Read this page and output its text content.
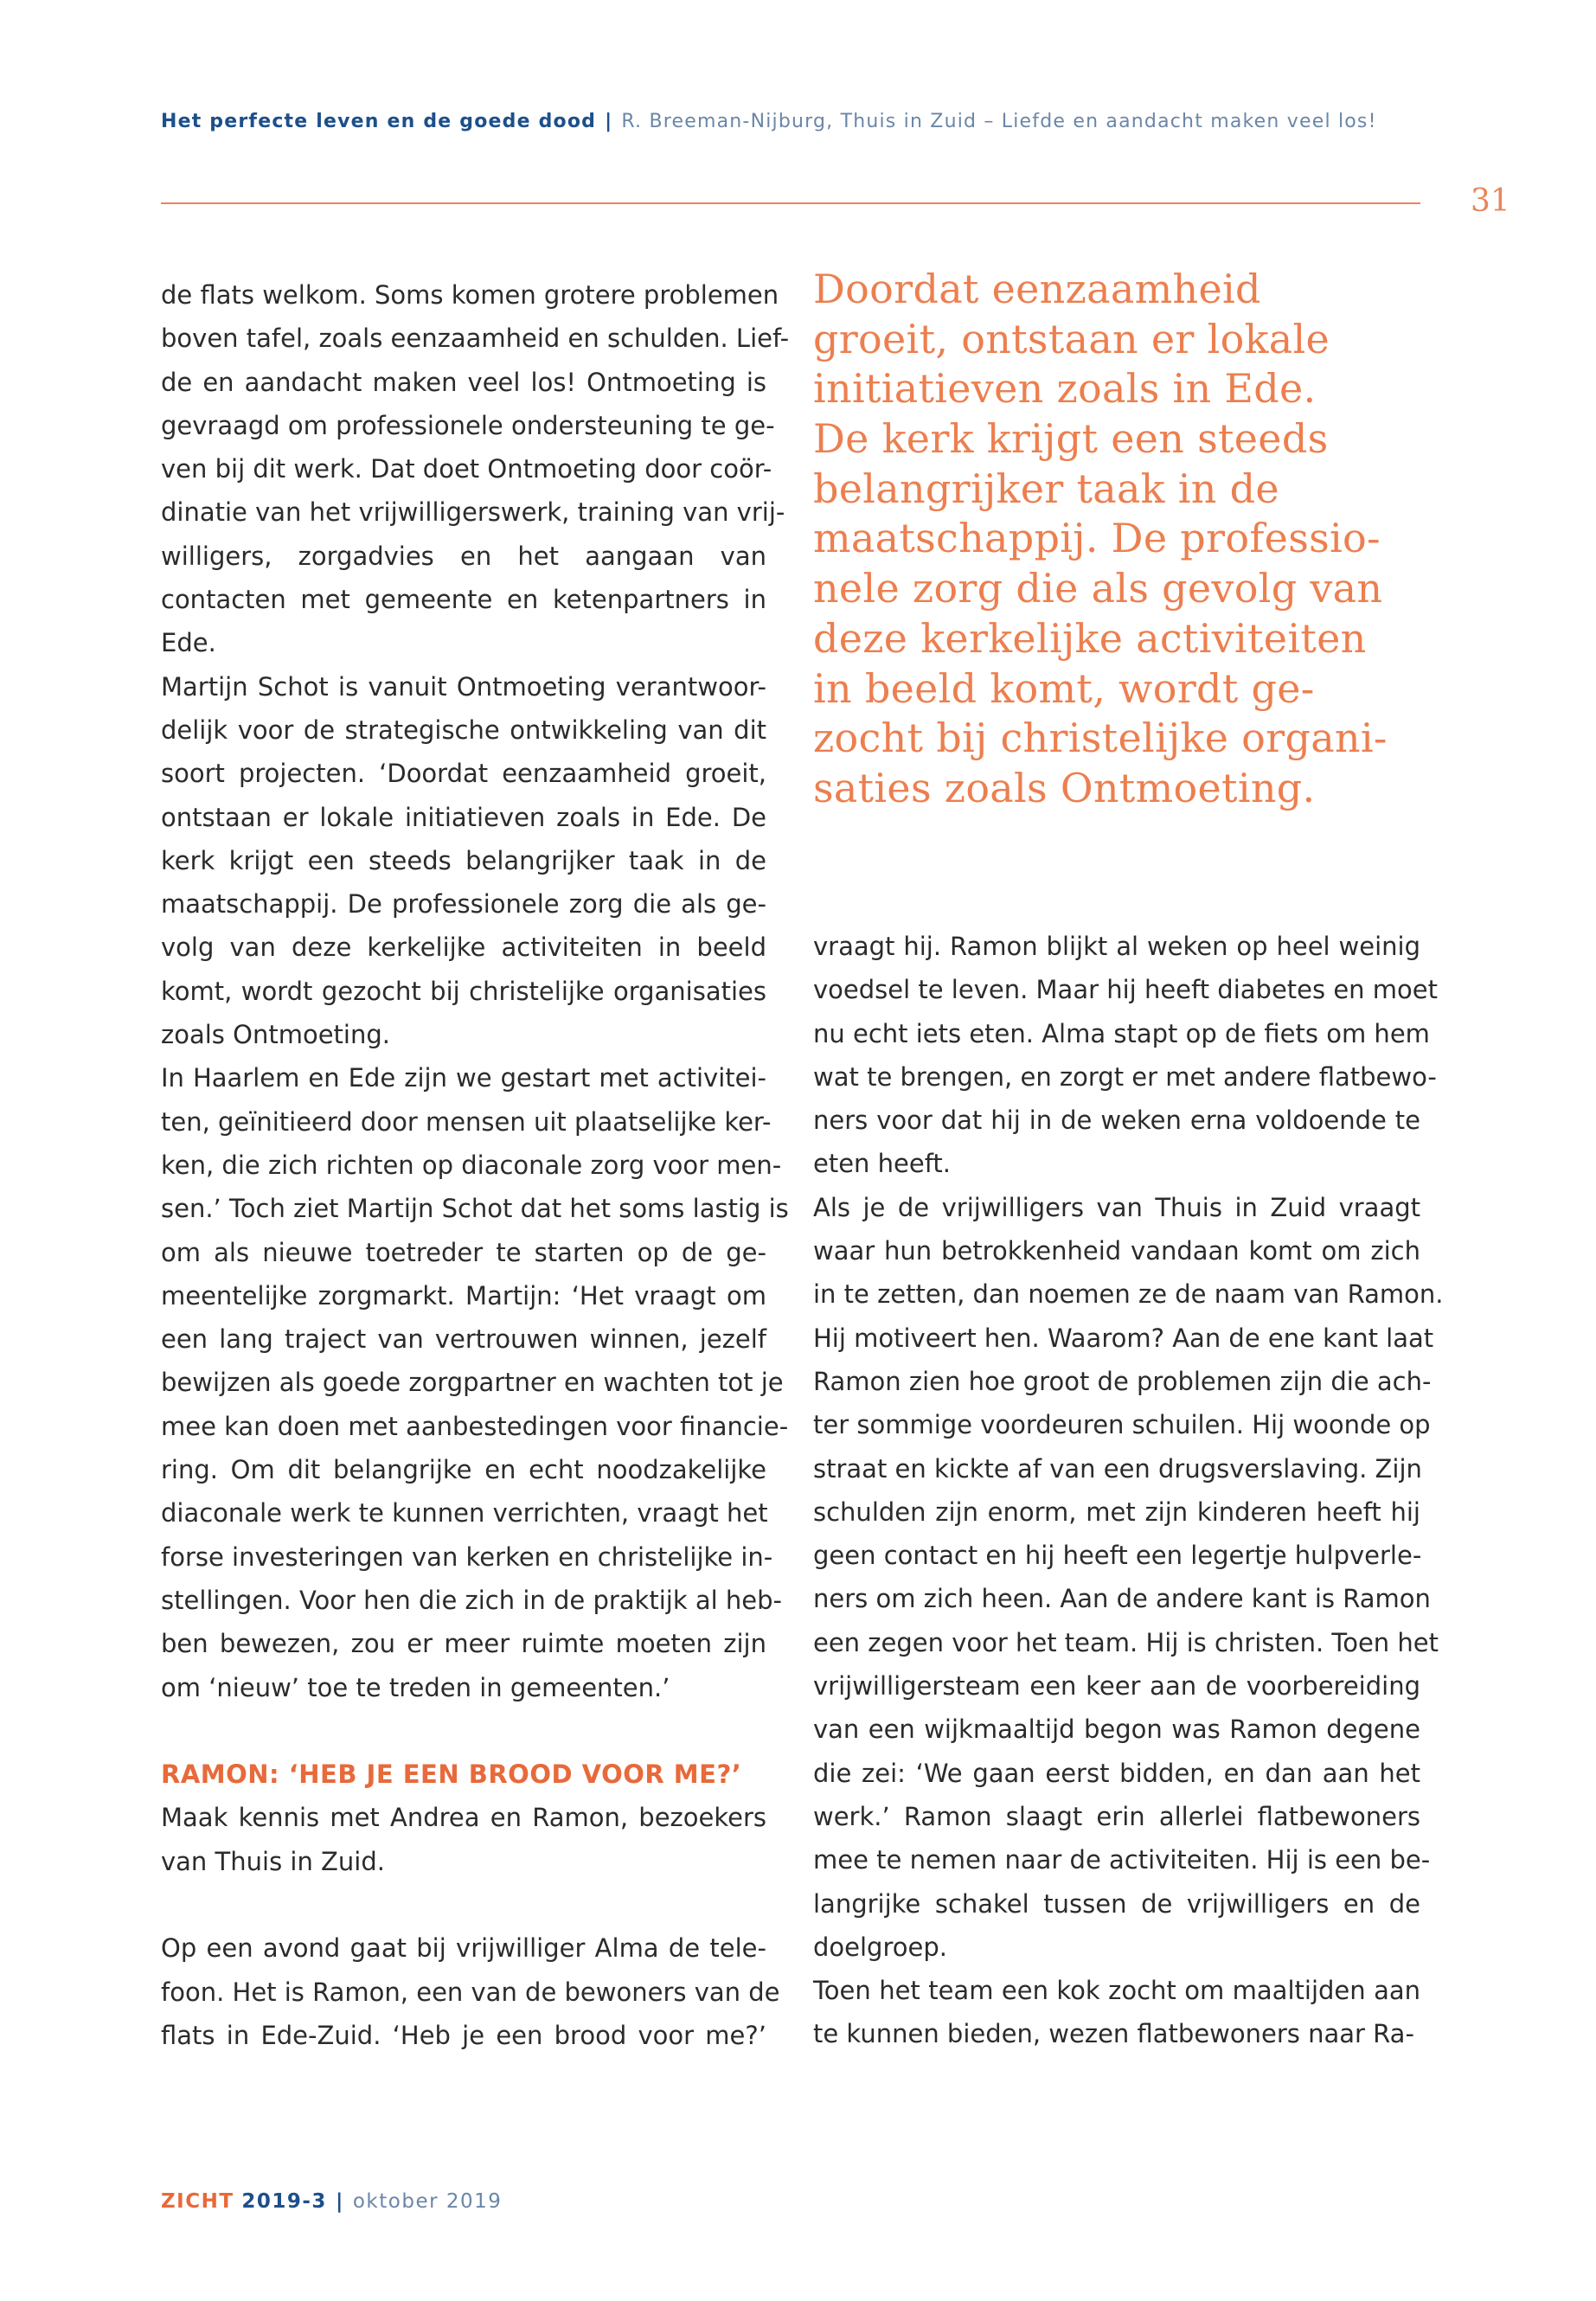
Het perfecte leven en de goede dood | R. Breeman-Nijburg, Thuis in Zuid – Liefde en aandacht maken veel los!
31
de flats welkom. Soms komen grotere problemen
boven tafel, zoals eenzaamheid en schulden. Lief-
de en aandacht maken veel los! Ontmoeting is
gevraagd om professionele ondersteuning te ge-
ven bij dit werk. Dat doet Ontmoeting door coör-
dinatie van het vrijwilligerswerk, training van vrij-
willigers, zorgadvies en het aangaan van
contacten met gemeente en ketenpartners in
Ede.
Martijn Schot is vanuit Ontmoeting verantwoor-
delijk voor de strategische ontwikkeling van dit
soort projecten. ‘Doordat eenzaamheid groeit,
ontstaan er lokale initiatieven zoals in Ede. De
kerk krijgt een steeds belangrijker taak in de
maatschappij. De professionele zorg die als ge-
volg van deze kerkelijke activiteiten in beeld
komt, wordt gezocht bij christelijke organisaties
zoals Ontmoeting.
In Haarlem en Ede zijn we gestart met activitei-
ten, geïnitieerd door mensen uit plaatselijke ker-
ken, die zich richten op diaconale zorg voor men-
sen.’ Toch ziet Martijn Schot dat het soms lastig is
om als nieuwe toetreder te starten op de ge-
meentelijke zorgmarkt. Martijn: ‘Het vraagt om
een lang traject van vertrouwen winnen, jezelf
bewijzen als goede zorgpartner en wachten tot je
mee kan doen met aanbestedingen voor financie-
ring. Om dit belangrijke en echt noodzakelijke
diaconale werk te kunnen verrichten, vraagt het
forse investeringen van kerken en christelijke in-
stellingen. Voor hen die zich in de praktijk al heb-
ben bewezen, zou er meer ruimte moeten zijn
om ‘nieuw’ toe te treden in gemeenten.’
RAMON: ‘HEB JE EEN BROOD VOOR ME?’
Maak kennis met Andrea en Ramon, bezoekers
van Thuis in Zuid.
Op een avond gaat bij vrijwilliger Alma de tele-
foon. Het is Ramon, een van de bewoners van de
flats in Ede-Zuid. ‘Heb je een brood voor me?’
Doordat eenzaamheid
groeit, ontstaan er lokale
initiatieven zoals in Ede.
De kerk krijgt een steeds
belangrijker taak in de
maatschappij. De professio-
nele zorg die als gevolg van
deze kerkelijke activiteiten
in beeld komt, wordt ge-
zocht bij christelijke organi-
saties zoals Ontmoeting.
vraagt hij. Ramon blijkt al weken op heel weinig
voedsel te leven. Maar hij heeft diabetes en moet
nu echt iets eten. Alma stapt op de fiets om hem
wat te brengen, en zorgt er met andere flatbewo-
ners voor dat hij in de weken erna voldoende te
eten heeft.
Als je de vrijwilligers van Thuis in Zuid vraagt
waar hun betrokkenheid vandaan komt om zich
in te zetten, dan noemen ze de naam van Ramon.
Hij motiveert hen. Waarom? Aan de ene kant laat
Ramon zien hoe groot de problemen zijn die ach-
ter sommige voordeuren schuilen. Hij woonde op
straat en kickte af van een drugsverslaving. Zijn
schulden zijn enorm, met zijn kinderen heeft hij
geen contact en hij heeft een legertje hulpverle-
ners om zich heen. Aan de andere kant is Ramon
een zegen voor het team. Hij is christen. Toen het
vrijwilligersteam een keer aan de voorbereiding
van een wijkmaaltijd begon was Ramon degene
die zei: ‘We gaan eerst bidden, en dan aan het
werk.’ Ramon slaagt erin allerlei flatbewoners
mee te nemen naar de activiteiten. Hij is een be-
langrijke schakel tussen de vrijwilligers en de
doelgroep.
Toen het team een kok zocht om maaltijden aan
te kunnen bieden, wezen flatbewoners naar Ra-
ZICHT 2019-3 | oktober 2019
